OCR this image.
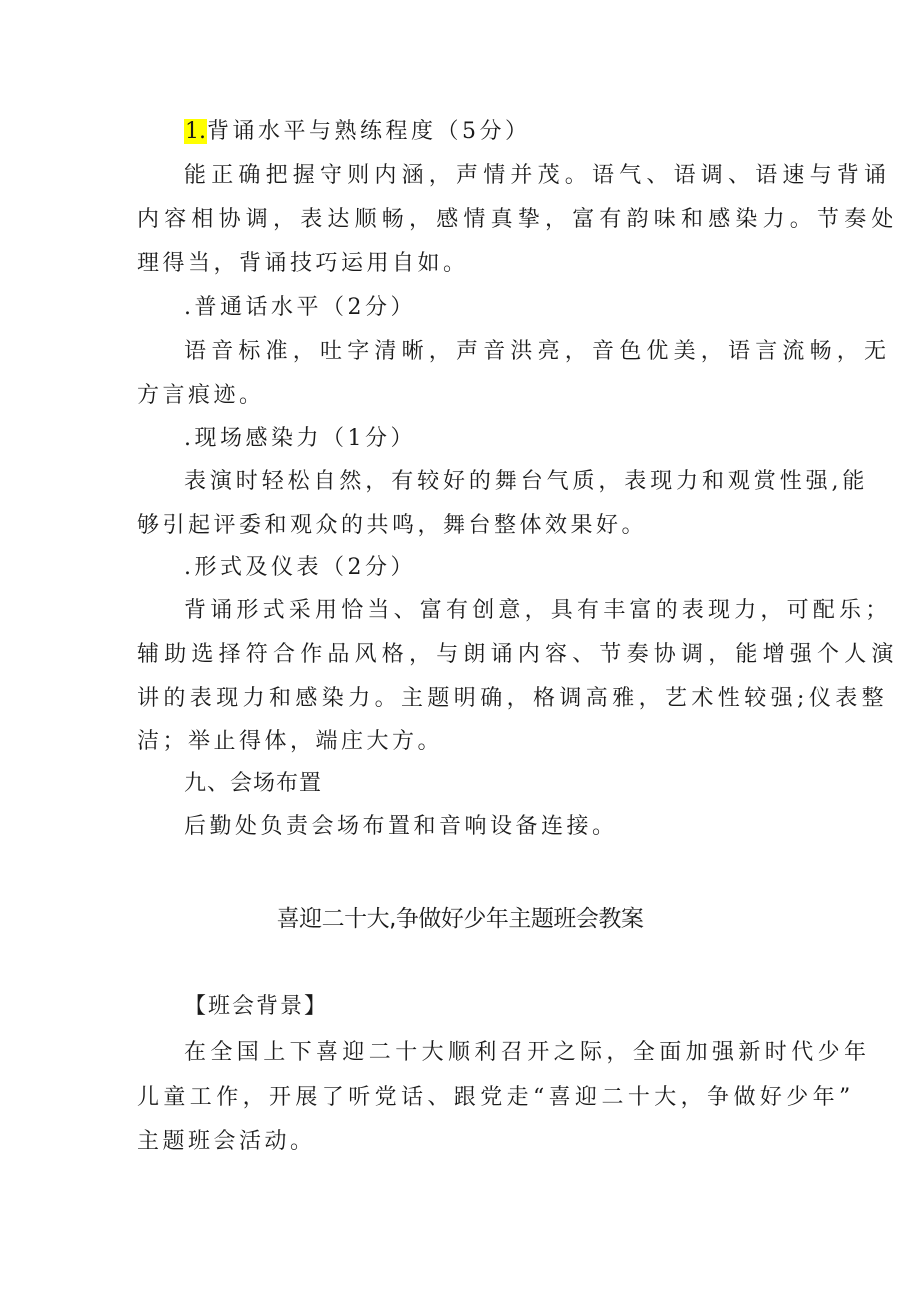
1.背诵水平与熟练程度（5分）
能正确把握守则内涵，声情并茂。语气、语调、语速与背诵
内容相协调，表达顺畅，感情真挚，富有韵味和感染力。节奏处
理得当，背诵技巧运用自如。
.普通话水平（2分）
语音标准，吐字清晰，声音洪亮，音色优美，语言流畅，无
方言痕迹。
.现场感染力（1分）
表演时轻松自然，有较好的舞台气质，表现力和观赏性强,能
够引起评委和观众的共鸣，舞台整体效果好。
.形式及仪表（2分）
背诵形式采用恰当、富有创意，具有丰富的表现力，可配乐；
辅助选择符合作品风格，与朗诵内容、节奏协调，能增强个人演
讲的表现力和感染力。主题明确，格调高雅，艺术性较强;仪表整
洁；举止得体，端庄大方。
九、会场布置
后勤处负责会场布置和音响设备连接。
喜迎二十大,争做好少年主题班会教案
【班会背景】
在全国上下喜迎二十大顺利召开之际，全面加强新时代少年
儿童工作，开展了听党话、跟党走“喜迎二十大，争做好少年”
主题班会活动。
